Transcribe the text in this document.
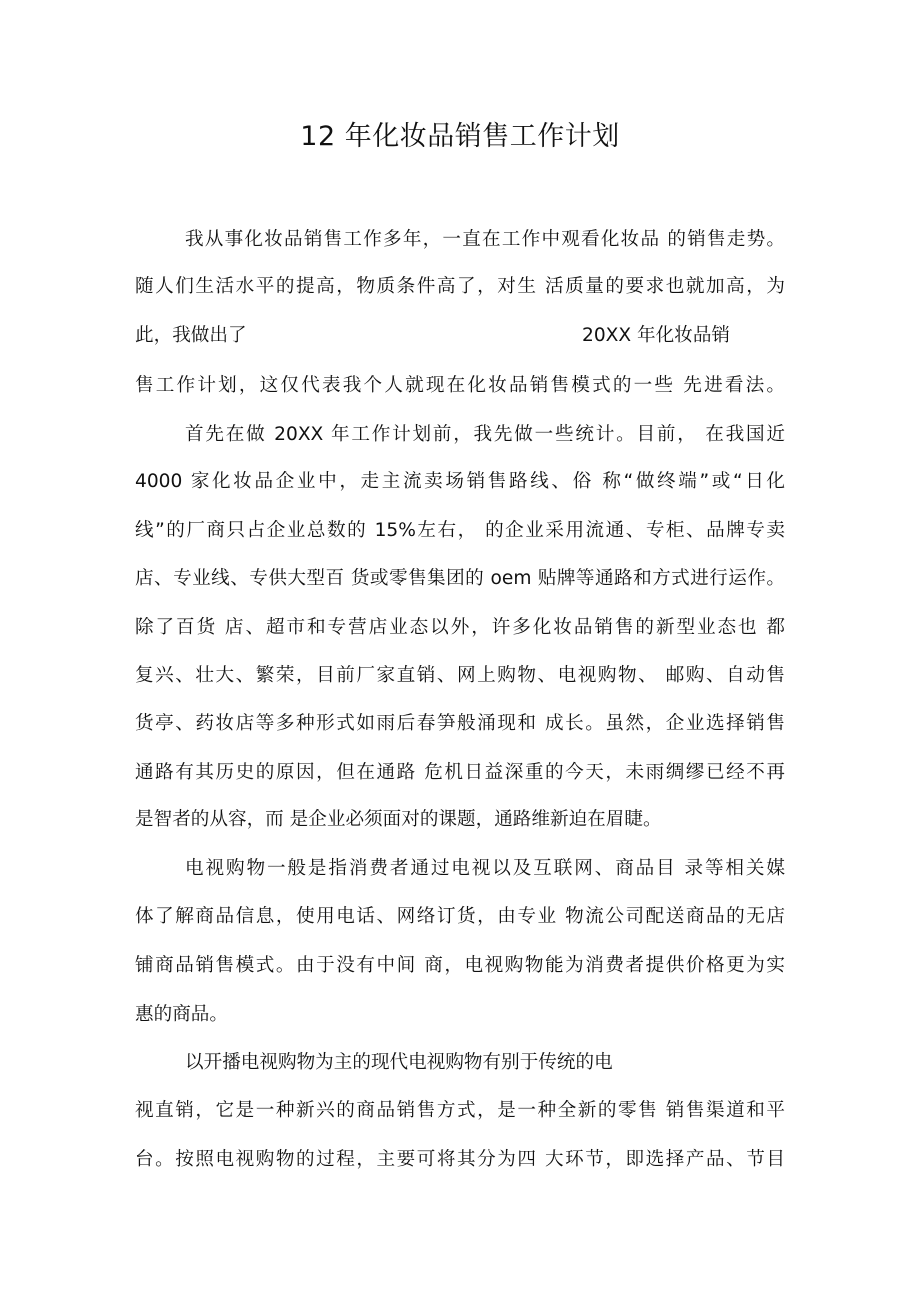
12 年化妆品销售工作计划

我从事化妆品销售工作多年，一直在工作中观看化妆品 的销售走势。

随人们生活水平的提高，物质条件高了，对生 活质量的要求也就加高，为

此，我做出了	20XX 年化妆品销

售工作计划，这仅代表我个人就现在化妆品销售模式的一些 先进看法。

首先在做 20XX 年工作计划前，我先做一些统计。目前， 在我国近

4000 家化妆品企业中，走主流卖场销售路线、俗 称“做终端”或“日化

线”的厂商只占企业总数的 15%左右， 的企业采用流通、专柜、品牌专卖

店、专业线、专供大型百 货或零售集团的 oem 贴牌等通路和方式进行运作。

除了百货 店、超市和专营店业态以外，许多化妆品销售的新型业态也 都

复兴、壮大、繁荣，目前厂家直销、网上购物、电视购物、 邮购、自动售

货亭、药妆店等多种形式如雨后春笋般涌现和 成长。虽然，企业选择销售

通路有其历史的原因，但在通路 危机日益深重的今天，未雨绸缪已经不再

是智者的从容，而 是企业必须面对的课题，通路维新迫在眉睫。

电视购物一般是指消费者通过电视以及互联网、商品目 录等相关媒

体了解商品信息，使用电话、网络订货，由专业 物流公司配送商品的无店

铺商品销售模式。由于没有中间 商，电视购物能为消费者提供价格更为实

惠的商品。

以开播电视购物为主的现代电视购物有别于传统的电

视直销，它是一种新兴的商品销售方式，是一种全新的零售 销售渠道和平

台。按照电视购物的过程，主要可将其分为四 大环节，即选择产品、节目
